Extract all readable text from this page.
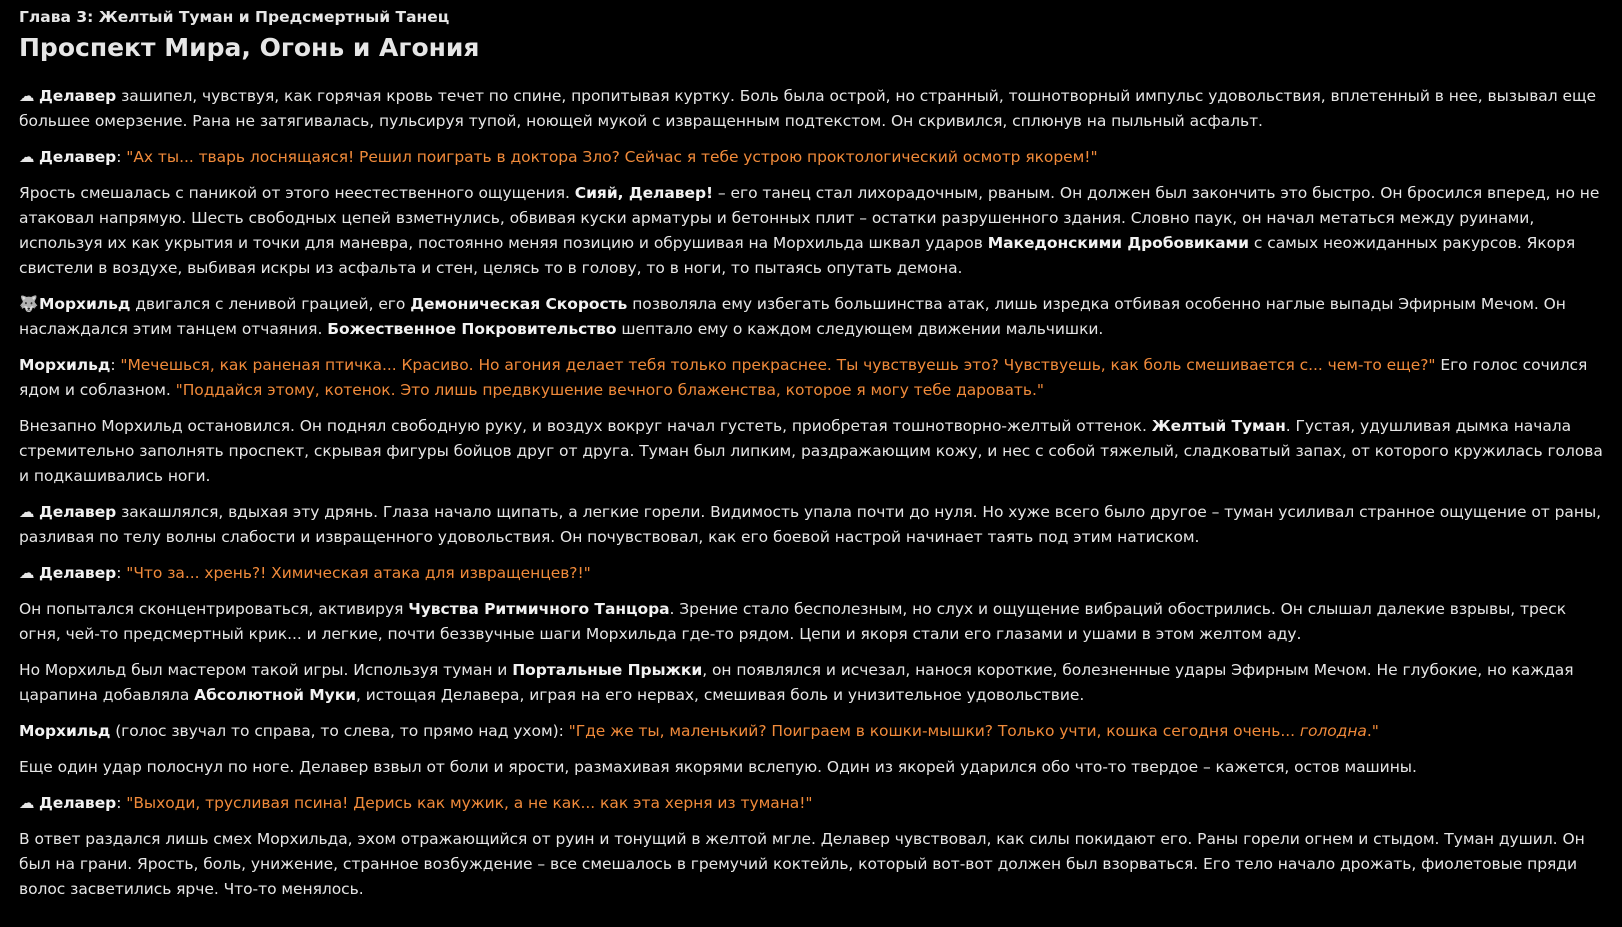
Глава 3: Желтый Туман и Предсмертный Танец
Проспект Мира, Огонь и Агония

☁ Делавер зашипел, чувствуя, как горячая кровь течет по спине, пропитывая куртку. Боль была острой, но странный, тошнотворный импульс удовольствия, вплетенный в нее, вызывал еще большее омерзение. Рана не затягивалась, пульсируя тупой, ноющей мукой с извращенным подтекстом. Он скривился, сплюнув на пыльный асфальт.

☁ Делавер: "Ах ты... тварь лоснящаяся! Решил поиграть в доктора Зло? Сейчас я тебе устрою проктологический осмотр якорем!"

Ярость смешалась с паникой от этого неестественного ощущения. Сияй, Делавер! – его танец стал лихорадочным, рваным. Он должен был закончить это быстро. Он бросился вперед, но не атаковал напрямую. Шесть свободных цепей взметнулись, обвивая куски арматуры и бетонных плит – остатки разрушенного здания. Словно паук, он начал метаться между руинами, используя их как укрытия и точки для маневра, постоянно меняя позицию и обрушивая на Морхильда шквал ударов Македонскими Дробовиками с самых неожиданных ракурсов. Якоря свистели в воздухе, выбивая искры из асфальта и стен, целясь то в голову, то в ноги, то пытаясь опутать демона.

🐺Морхильд двигался с ленивой грацией, его Демоническая Скорость позволяла ему избегать большинства атак, лишь изредка отбивая особенно наглые выпады Эфирным Мечом. Он наслаждался этим танцем отчаяния. Божественное Покровительство шептало ему о каждом следующем движении мальчишки.

Морхильд: "Мечешься, как раненая птичка... Красиво. Но агония делает тебя только прекраснее. Ты чувствуешь это? Чувствуешь, как боль смешивается с... чем-то еще?" Его голос сочился ядом и соблазном. "Поддайся этому, котенок. Это лишь предвкушение вечного блаженства, которое я могу тебе даровать."

Внезапно Морхильд остановился. Он поднял свободную руку, и воздух вокруг начал густеть, приобретая тошнотворно-желтый оттенок. Желтый Туман. Густая, удушливая дымка начала стремительно заполнять проспект, скрывая фигуры бойцов друг от друга. Туман был липким, раздражающим кожу, и нес с собой тяжелый, сладковатый запах, от которого кружилась голова и подкашивались ноги.

☁ Делавер закашлялся, вдыхая эту дрянь. Глаза начало щипать, а легкие горели. Видимость упала почти до нуля. Но хуже всего было другое – туман усиливал странное ощущение от раны, разливая по телу волны слабости и извращенного удовольствия. Он почувствовал, как его боевой настрой начинает таять под этим натиском.

☁ Делавер: "Что за... хрень?! Химическая атака для извращенцев?!"

Он попытался сконцентрироваться, активируя Чувства Ритмичного Танцора. Зрение стало бесполезным, но слух и ощущение вибраций обострились. Он слышал далекие взрывы, треск огня, чей-то предсмертный крик... и легкие, почти беззвучные шаги Морхильда где-то рядом. Цепи и якоря стали его глазами и ушами в этом желтом аду.

Но Морхильд был мастером такой игры. Используя туман и Портальные Прыжки, он появлялся и исчезал, нанося короткие, болезненные удары Эфирным Мечом. Не глубокие, но каждая царапина добавляла Абсолютной Муки, истощая Делавера, играя на его нервах, смешивая боль и унизительное удовольствие.

Морхильд (голос звучал то справа, то слева, то прямо над ухом): "Где же ты, маленький? Поиграем в кошки-мышки? Только учти, кошка сегодня очень... голодна."

Еще один удар полоснул по ноге. Делавер взвыл от боли и ярости, размахивая якорями вслепую. Один из якорей ударился обо что-то твердое – кажется, остов машины.

☁ Делавер: "Выходи, трусливая псина! Дерись как мужик, а не как... как эта херня из тумана!"

В ответ раздался лишь смех Морхильда, эхом отражающийся от руин и тонущий в желтой мгле. Делавер чувствовал, как силы покидают его. Раны горели огнем и стыдом. Туман душил. Он был на грани. Ярость, боль, унижение, странное возбуждение – все смешалось в гремучий коктейль, который вот-вот должен был взорваться. Его тело начало дрожать, фиолетовые пряди волос засветились ярче. Что-то менялось.
